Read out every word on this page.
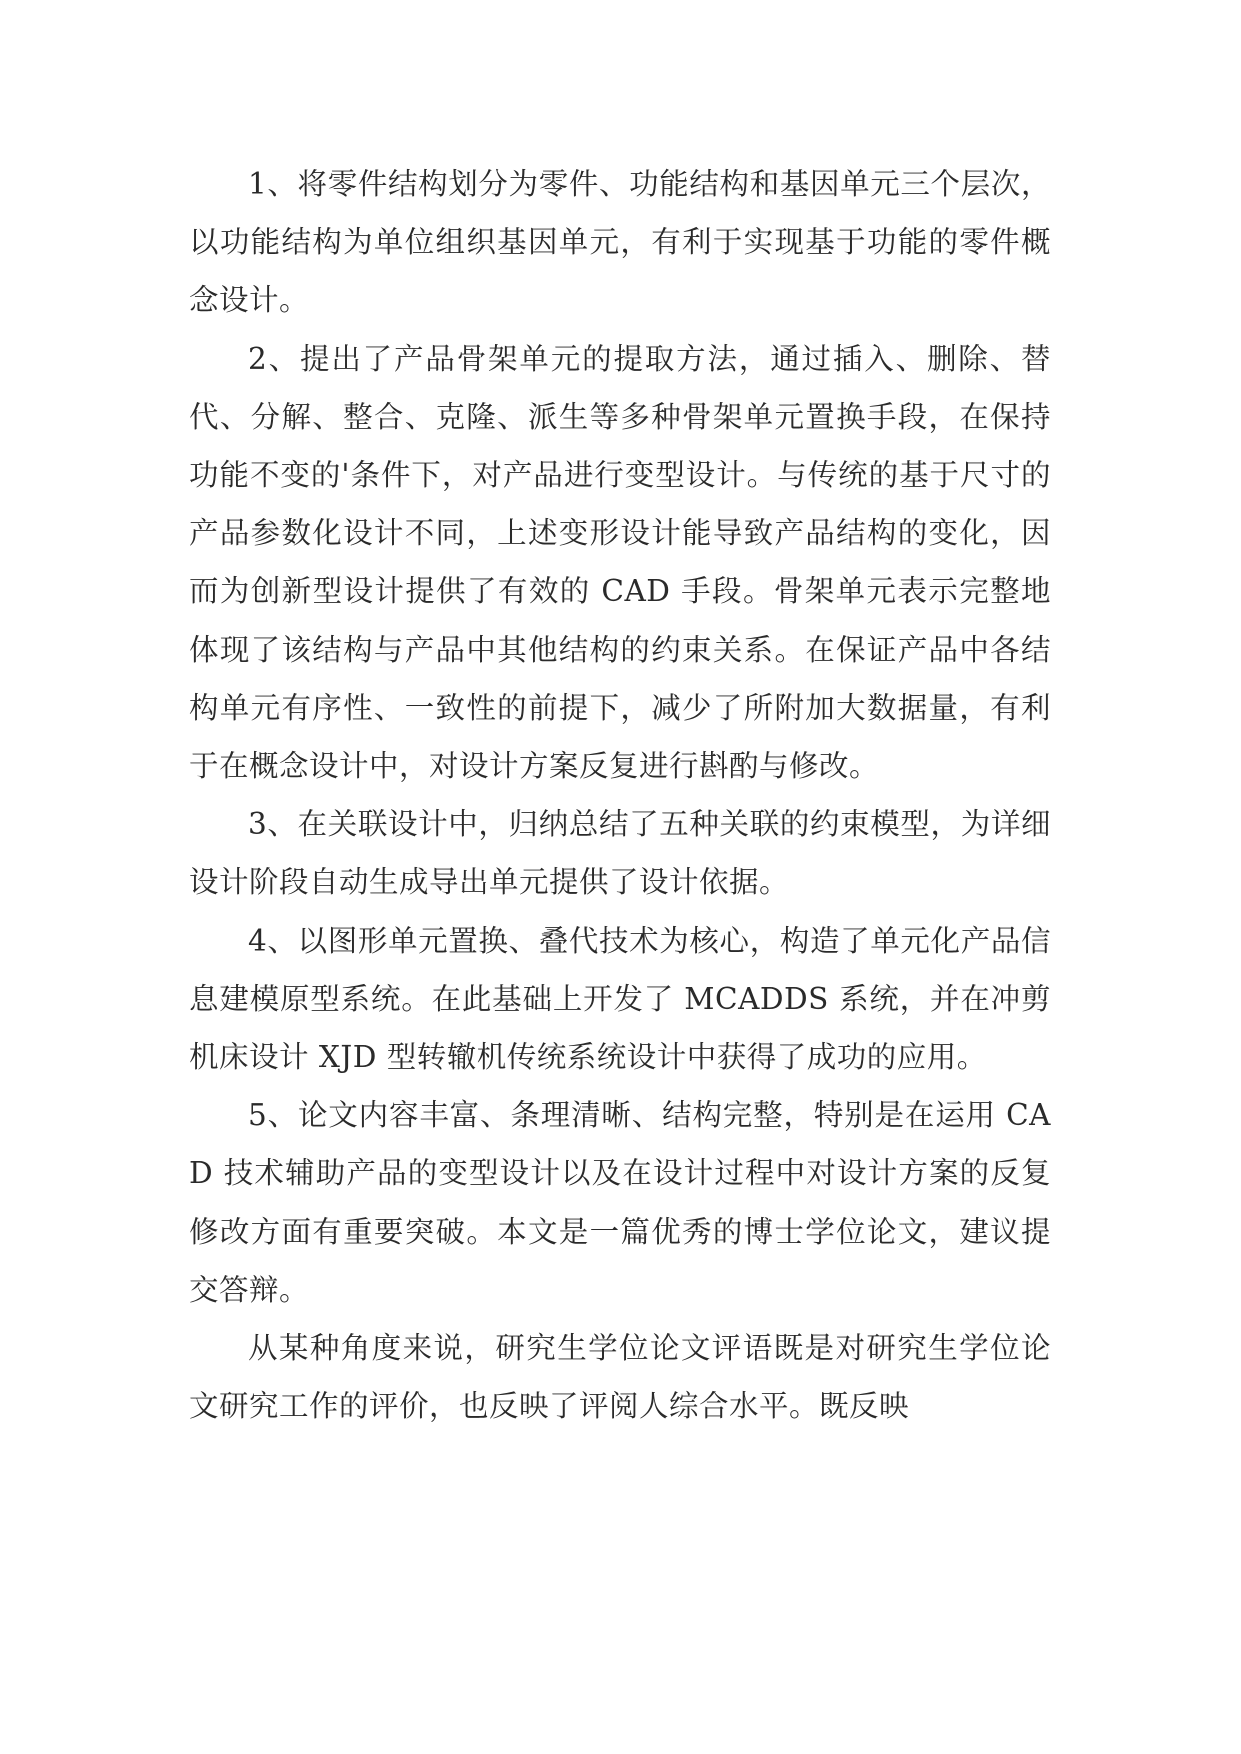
1、将零件结构划分为零件、功能结构和基因单元三个层次，以功能结构为单位组织基因单元，有利于实现基于功能的零件概念设计。

2、提出了产品骨架单元的提取方法，通过插入、删除、替代、分解、整合、克隆、派生等多种骨架单元置换手段，在保持功能不变的'条件下，对产品进行变型设计。与传统的基于尺寸的产品参数化设计不同，上述变形设计能导致产品结构的变化，因而为创新型设计提供了有效的 CAD 手段。骨架单元表示完整地体现了该结构与产品中其他结构的约束关系。在保证产品中各结构单元有序性、一致性的前提下，减少了所附加大数据量，有利于在概念设计中，对设计方案反复进行斟酌与修改。

3、在关联设计中，归纳总结了五种关联的约束模型，为详细设计阶段自动生成导出单元提供了设计依据。

4、以图形单元置换、叠代技术为核心，构造了单元化产品信息建模原型系统。在此基础上开发了 MCADDS 系统，并在冲剪机床设计 XJD 型转辙机传统系统设计中获得了成功的应用。

5、论文内容丰富、条理清晰、结构完整，特别是在运用 CAD 技术辅助产品的变型设计以及在设计过程中对设计方案的反复修改方面有重要突破。本文是一篇优秀的博士学位论文，建议提交答辩。

从某种角度来说，研究生学位论文评语既是对研究生学位论文研究工作的评价，也反映了评阅人综合水平。既反映
